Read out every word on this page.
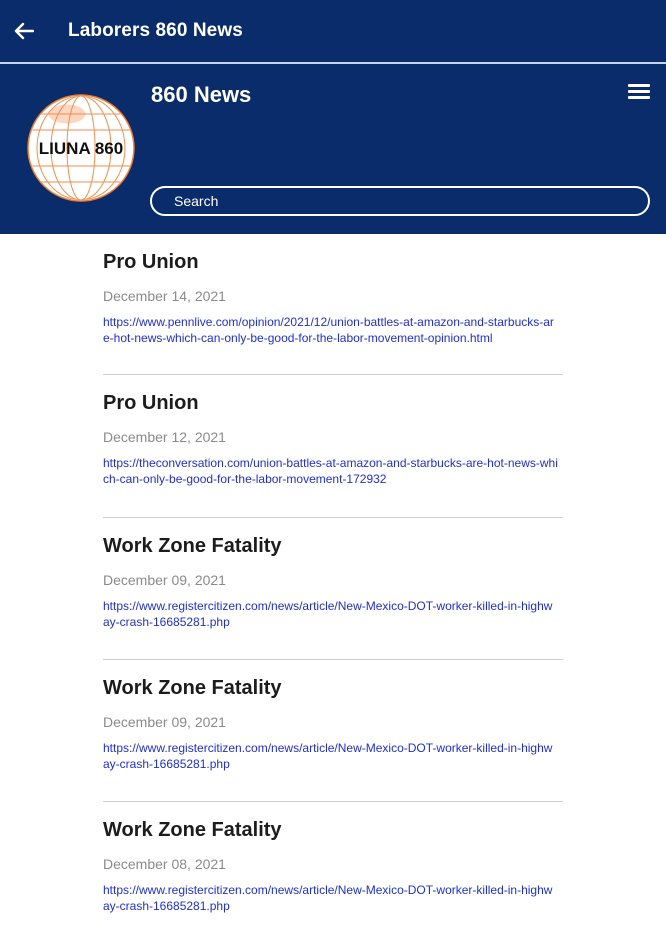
Laborers 860 News
LIUNA 860
860 News
Search
Pro Union
December 14, 2021
https://www.pennlive.com/opinion/2021/12/union-battles-at-amazon-and-starbucks-are-hot-news-which-can-only-be-good-for-the-labor-movement-opinion.html
Pro Union
December 12, 2021
https://theconversation.com/union-battles-at-amazon-and-starbucks-are-hot-news-which-can-only-be-good-for-the-labor-movement-172932
Work Zone Fatality
December 09, 2021
https://www.registercitizen.com/news/article/New-Mexico-DOT-worker-killed-in-highway-crash-16685281.php
Work Zone Fatality
December 09, 2021
https://www.registercitizen.com/news/article/New-Mexico-DOT-worker-killed-in-highway-crash-16685281.php
Work Zone Fatality
December 08, 2021
https://www.registercitizen.com/news/article/New-Mexico-DOT-worker-killed-in-highway-crash-16685281.php
